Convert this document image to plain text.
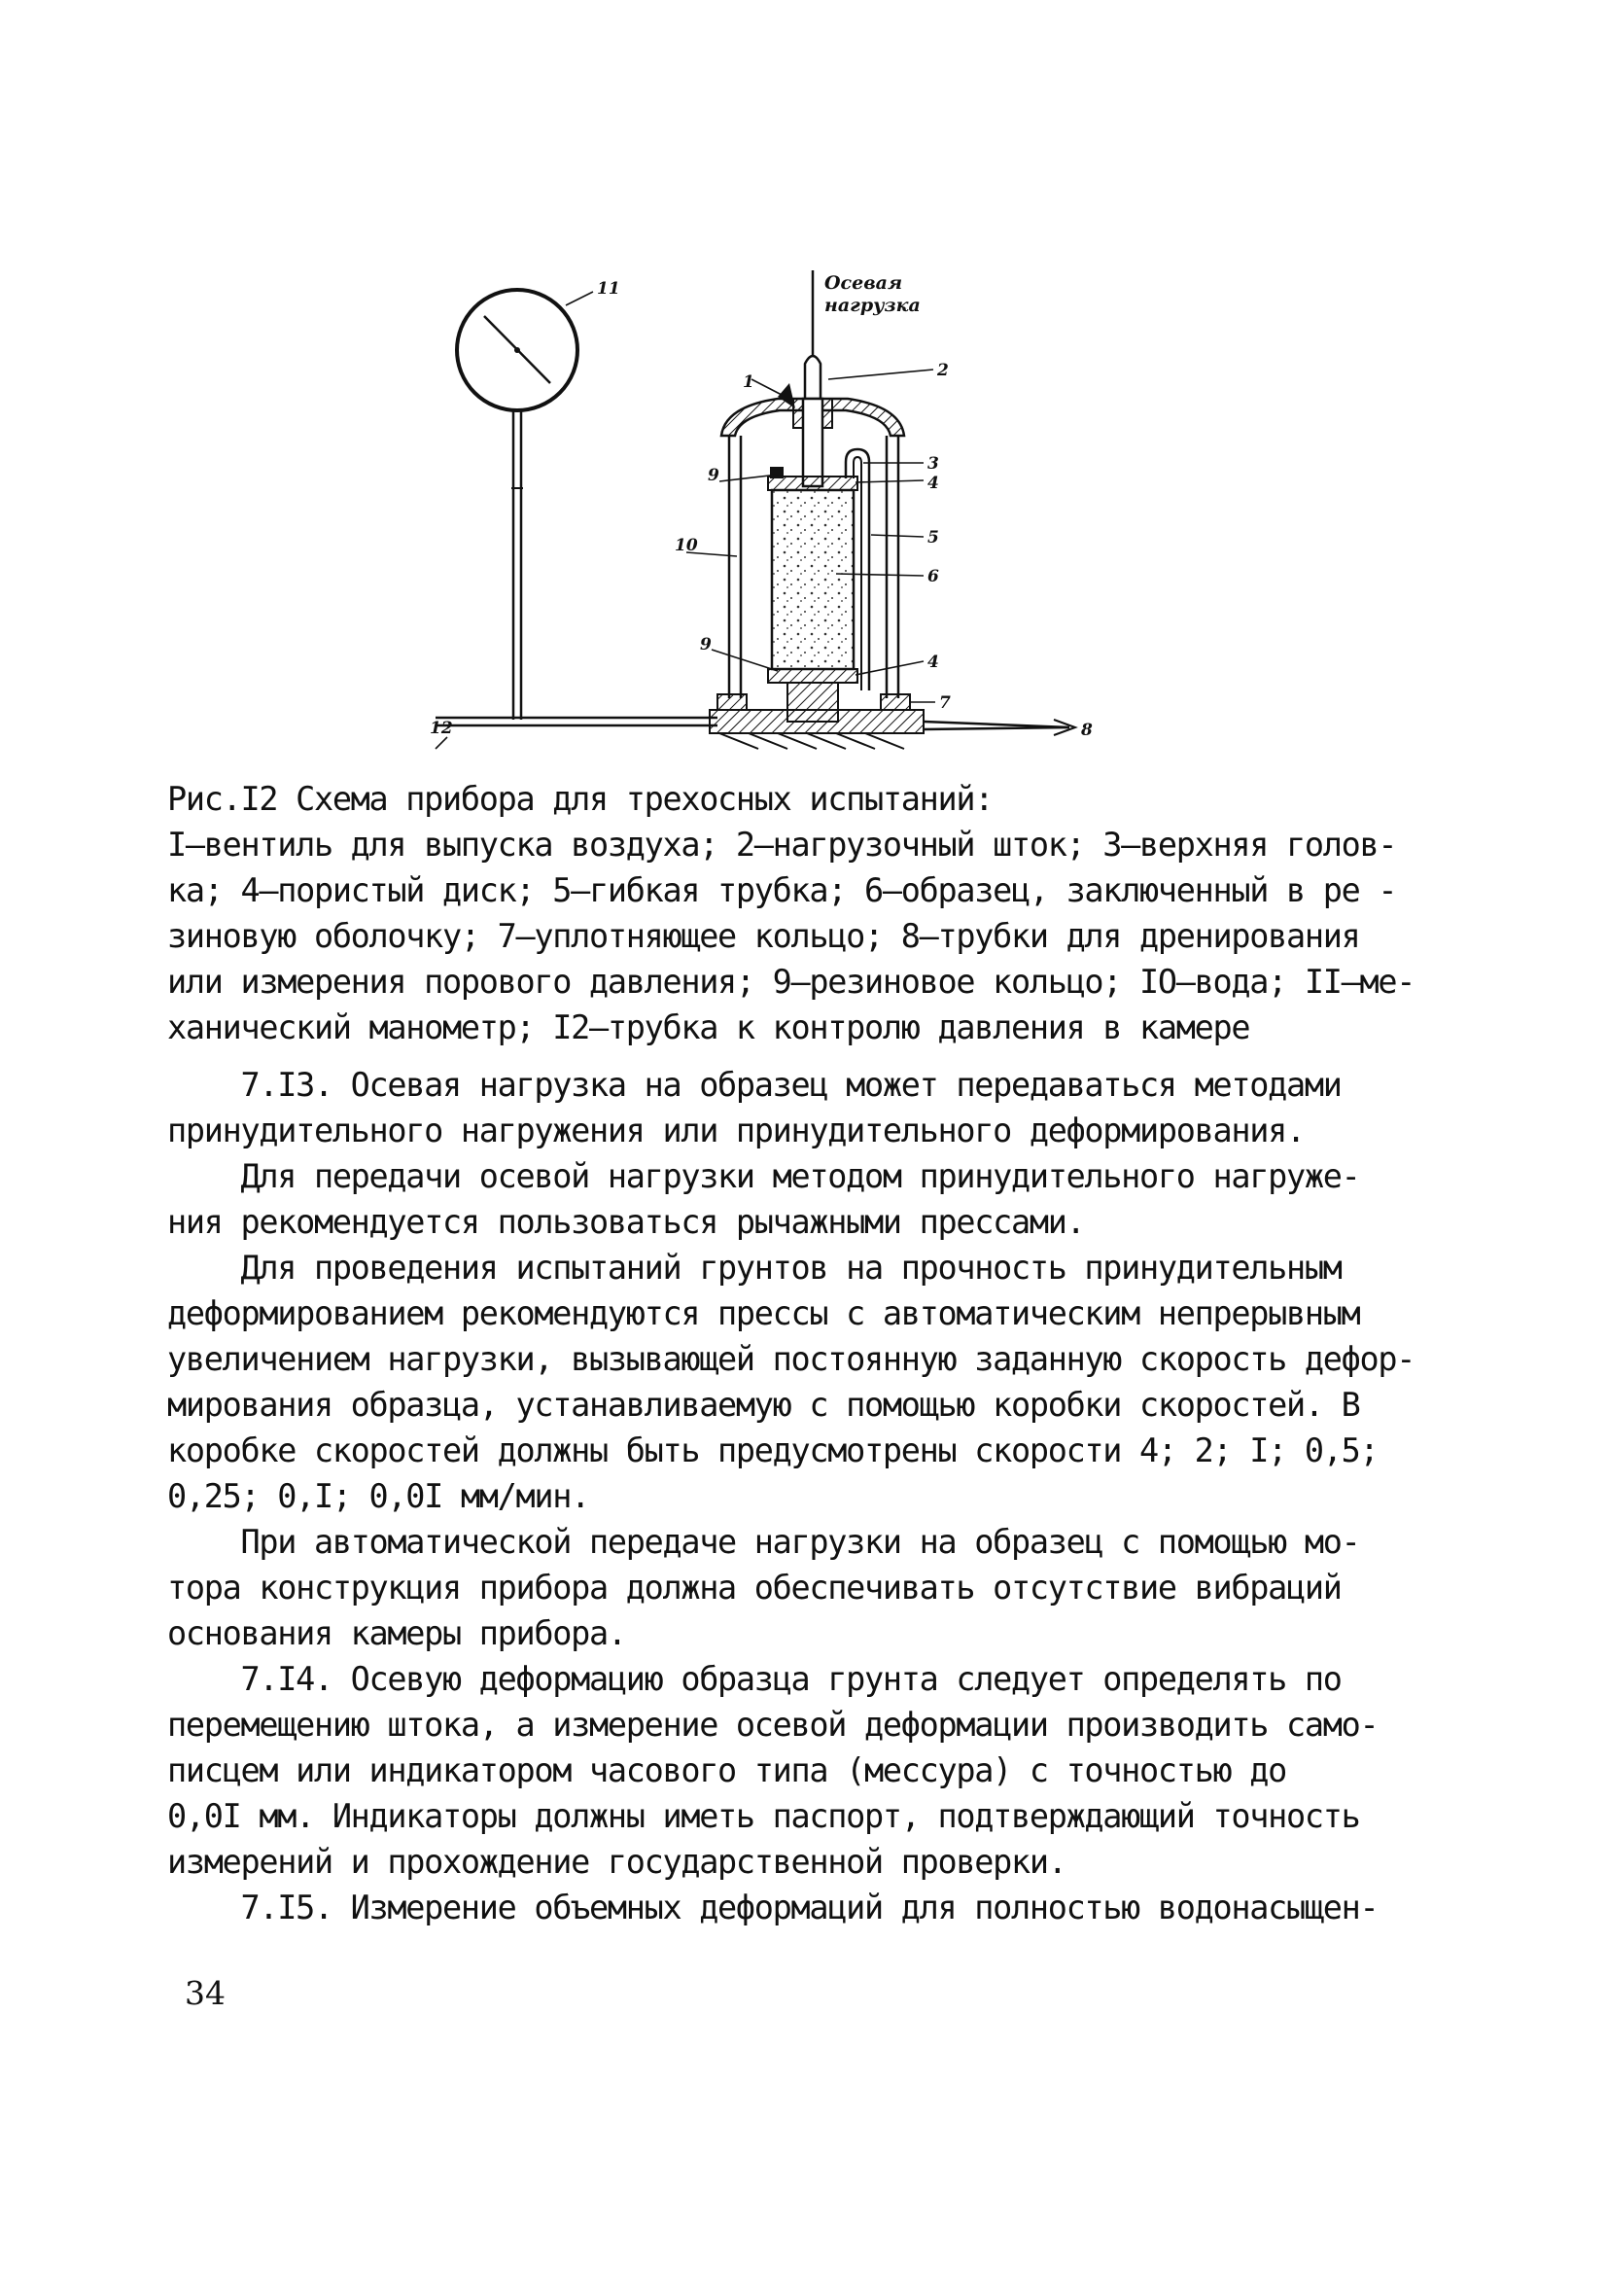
Осевая
нагрузка
1
2
3
4
5
6
4
7
8
9
9
10
11
12
Рис.I2 Схема прибора для трехосных испытаний:
I–вентиль для выпуска воздуха; 2–нагрузочный шток; 3–верхняя голов-
ка; 4–пористый диск; 5–гибкая трубка; 6–образец, заключенный в ре -
зиновую оболочку; 7–уплотняющее кольцо; 8–трубки для дренирования
или измерения порового давления; 9–резиновое кольцо; IO–вода; II–ме-
ханический манометр; I2–трубка к контролю давления в камере
7.I3. Осевая нагрузка на образец может передаваться методами
принудительного нагружения или принудительного деформирования.
Для передачи осевой нагрузки методом принудительного нагруже-
ния рекомендуется пользоваться рычажными прессами.
Для проведения испытаний грунтов на прочность принудительным
деформированием рекомендуются прессы с автоматическим непрерывным
увеличением нагрузки, вызывающей постоянную заданную скорость дефор-
мирования образца, устанавливаемую с помощью коробки скоростей. В
коробке скоростей должны быть предусмотрены скорости 4; 2; I; 0,5;
0,25; 0,I; 0,0I мм/мин.
При автоматической передаче нагрузки на образец с помощью мо-
тора конструкция прибора должна обеспечивать отсутствие вибраций
основания камеры прибора.
7.I4. Осевую деформацию образца грунта следует определять по
перемещению штока, а измерение осевой деформации производить само-
писцем или индикатором часового типа (мессура) с точностью до
0,0I мм. Индикаторы должны иметь паспорт, подтверждающий точность
измерений и прохождение государственной проверки.
7.I5. Измерение объемных деформаций для полностью водонасыщен-
34
